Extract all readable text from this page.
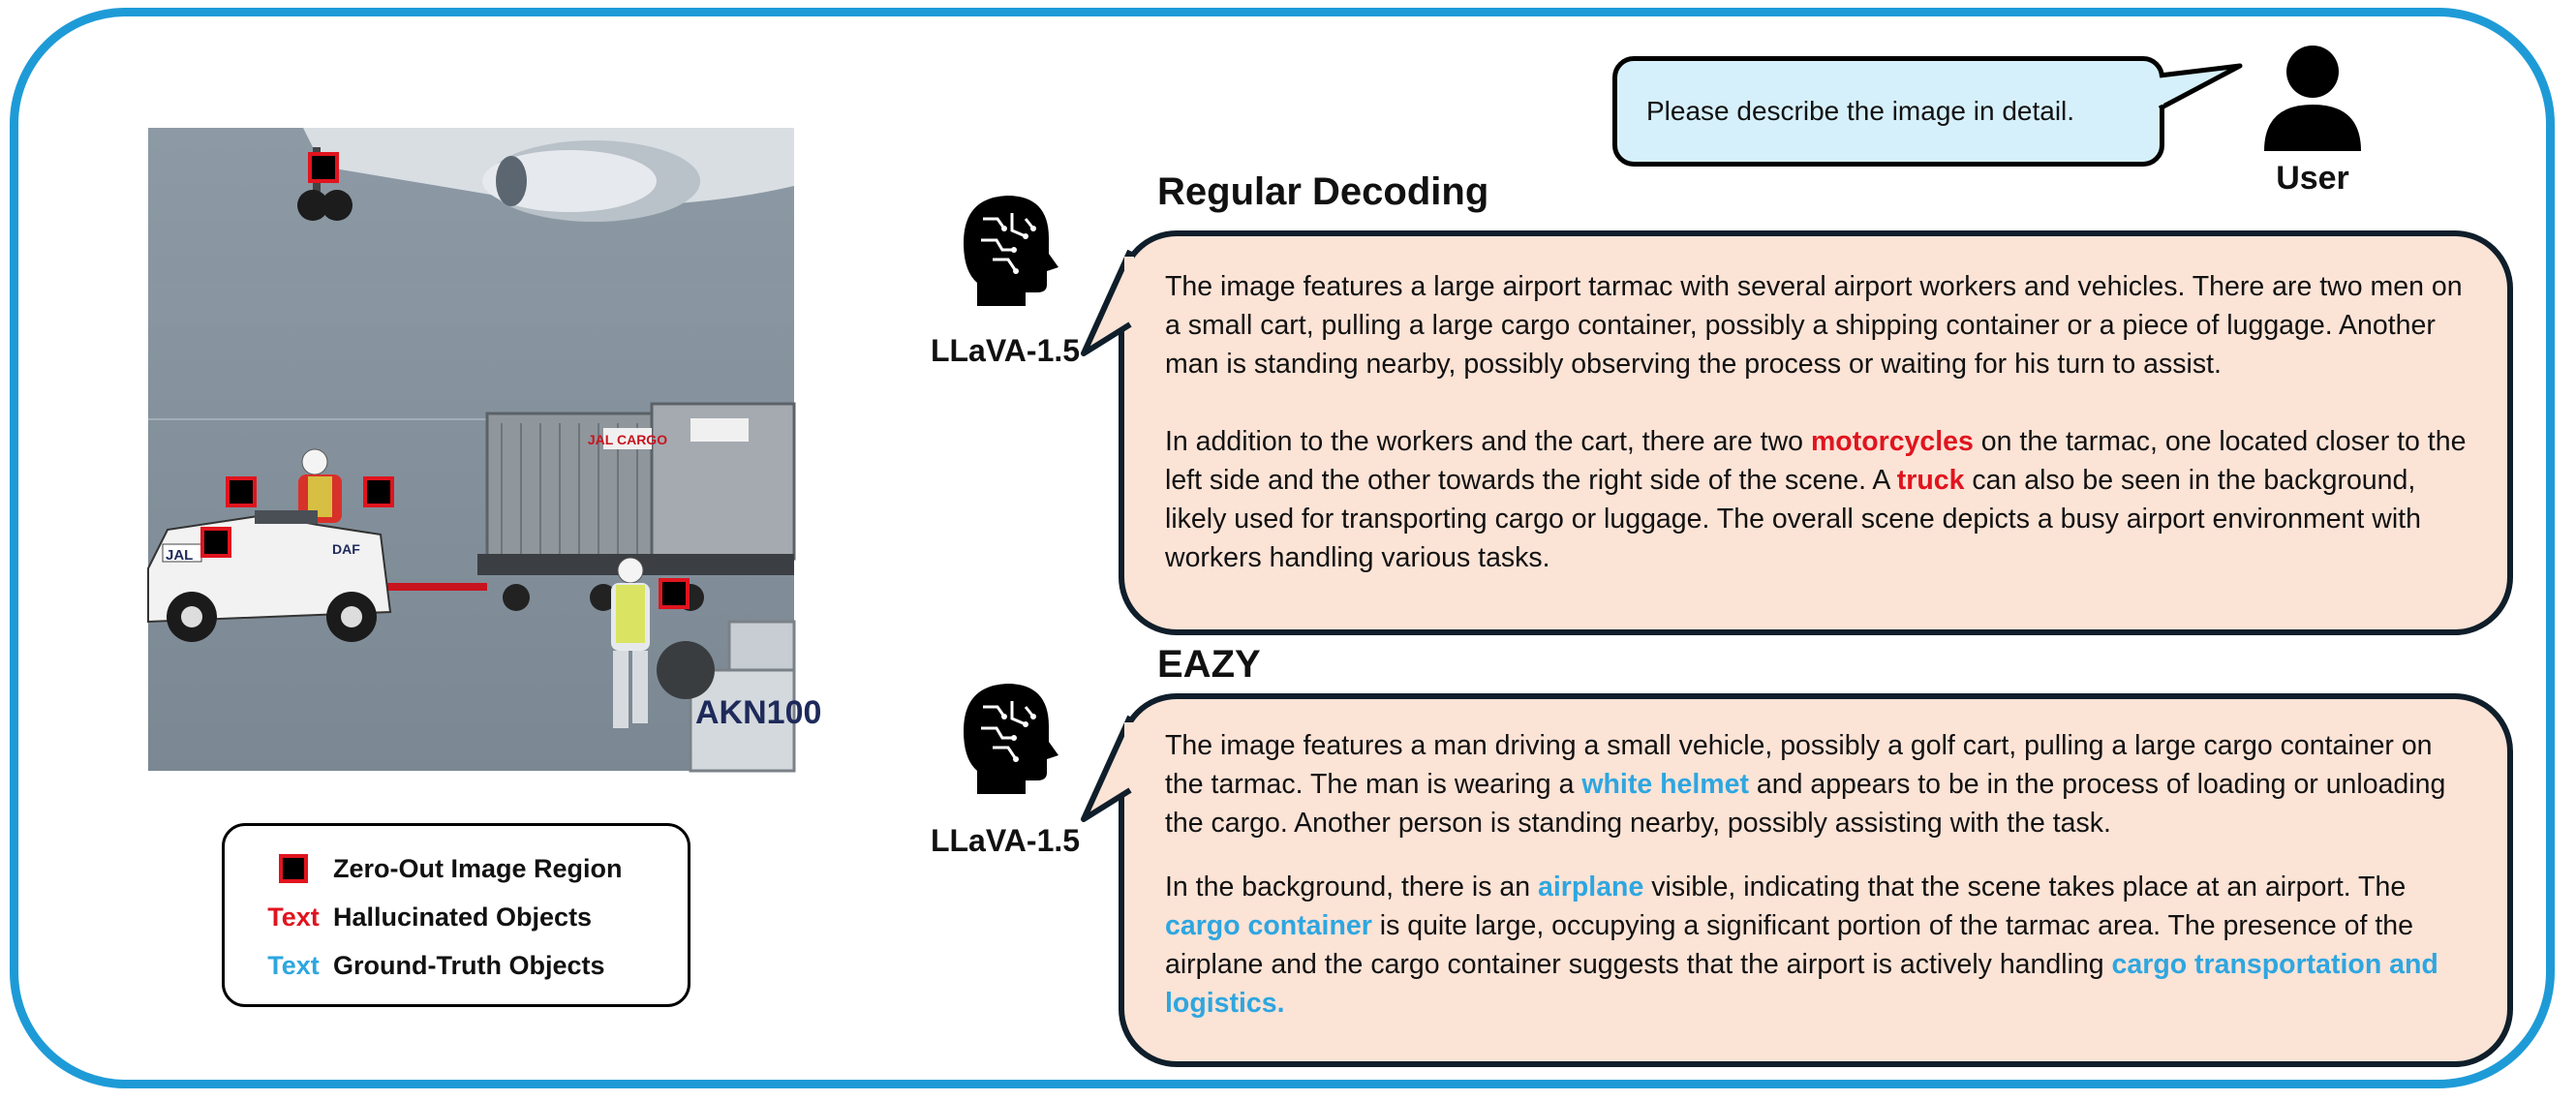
JAL CARGO
AKN100
JAL	DAF
Zero-Out Image Region
Text Hallucinated Objects
Text Ground-Truth Objects
Please describe the image in detail.
User
Regular Decoding
LLaVA-1.5

The image features a large airport tarmac with several airport workers and vehicles. There are two men on a small cart, pulling a large cargo container, possibly a shipping container or a piece of luggage. Another man is standing nearby, possibly observing the process or waiting for his turn to assist.

In addition to the workers and the cart, there are two motorcycles on the tarmac, one located closer to the left side and the other towards the right side of the scene. A truck can also be seen in the background, likely used for transporting cargo or luggage. The overall scene depicts a busy airport environment with workers handling various tasks.

EAZY
LLaVA-1.5

The image features a man driving a small vehicle, possibly a golf cart, pulling a large cargo container on the tarmac. The man is wearing a white helmet and appears to be in the process of loading or unloading the cargo. Another person is standing nearby, possibly assisting with the task.

In the background, there is an airplane visible, indicating that the scene takes place at an airport. The cargo container is quite large, occupying a significant portion of the tarmac area. The presence of the airplane and the cargo container suggests that the airport is actively handling cargo transportation and logistics.
